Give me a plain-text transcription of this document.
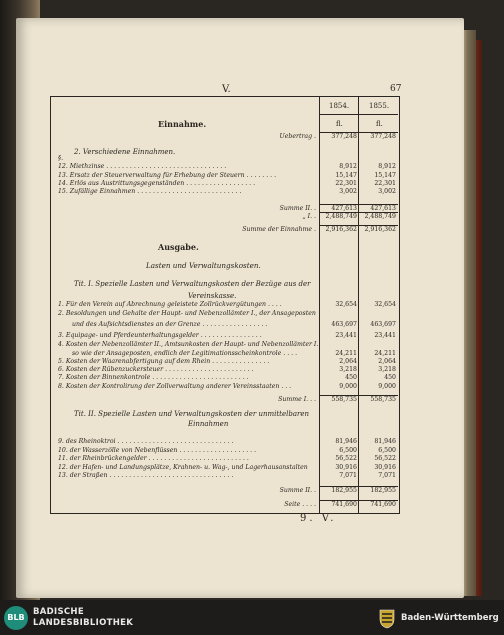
V.	67
1854.	1855.
fl.	fl.
Einnahme.
Uebertrag .	377,248	377,248
2. Verschiedene Einnahmen.
§.
12. Miethzinse . . . . . . . . . . . . . . . . . . . . . . . . . . . . . . .	8,912	8,912
13. Ersatz der Steuerverwaltung für Erhebung der Steuern . . . . . . . .	15,147	15,147
14. Erlös aus Austrittungsgegenständen . . . . . . . . . . . . . . . . . .	22,301	22,301
15. Zufällige Einnahmen . . . . . . . . . . . . . . . . . . . . . . . . . . .	3,002	3,002
Summe II. .	427,613	427,613
„ I. .	2,488,749	2,488,749
Summe der Einnahme .	2,916,362	2,916,362
Ausgabe.
Lasten und Verwaltungskosten.
Tit. I. Spezielle Lasten und Verwaltungskosten der Bezüge aus der
Vereinskasse.
1. Für den Verein auf Abrechnung geleistete Zollrückvergütungen . . . .	32,654	32,654
2. Besoldungen und Gehalte der Haupt- und Nebenzollämter I., der Ansageposten
und des Aufsichtsdienstes an der Grenze . . . . . . . . . . . . . . . . .	463,697	463,697
3. Equipage- und Pferdeunterhaltungsgelder . . . . . . . . . . . . . . . .	23,441	23,441
4. Kosten der Nebenzollämter II., Amtsunkosten der Haupt- und Nebenzollämter I.
so wie der Ansageposten, endlich der Legitimationsscheinkontrole . . . .	24,211	24,211
5. Kosten der Waarenabfertigung auf dem Rhein . . . . . . . . . . . . . . .	2,064	2,064
6. Kosten der Rübenzuckersteuer . . . . . . . . . . . . . . . . . . . . . . .	3,218	3,218
7. Kosten der Binnenkontrole . . . . . . . . . . . . . . . . . . . . . . . . .	450	450
8. Kosten der Kontrolirung der Zollverwaltung anderer Vereinsstaaten . . .	9,000	9,000
Summe I. . .	558,735	558,735
Tit. II. Spezielle Lasten und Verwaltungskosten der unmittelbaren
Einnahmen
9. des Rheinoktroi . . . . . . . . . . . . . . . . . . . . . . . . . . . . . .	81,946	81,946
10. der Wasserzölle von Nebenflüssen . . . . . . . . . . . . . . . . . . . .	6,500	6,500
11. der Rheinbrückengelder . . . . . . . . . . . . . . . . . . . . . . . . . .	56,522	56,522
12. der Hafen- und Landungsplätze, Krahnen- u. Wag-, und Lagerhausanstalten	30,916	30,916
13. der Straßen . . . . . . . . . . . . . . . . . . . . . . . . . . . . . . . .	7,071	7,071
Summe II. .	182,955	182,955
Seite . . . .	741,690	741,690
9. V.
BLB
BADISCHE
LANDESBIBLIOTHEK	Baden-Württemberg
